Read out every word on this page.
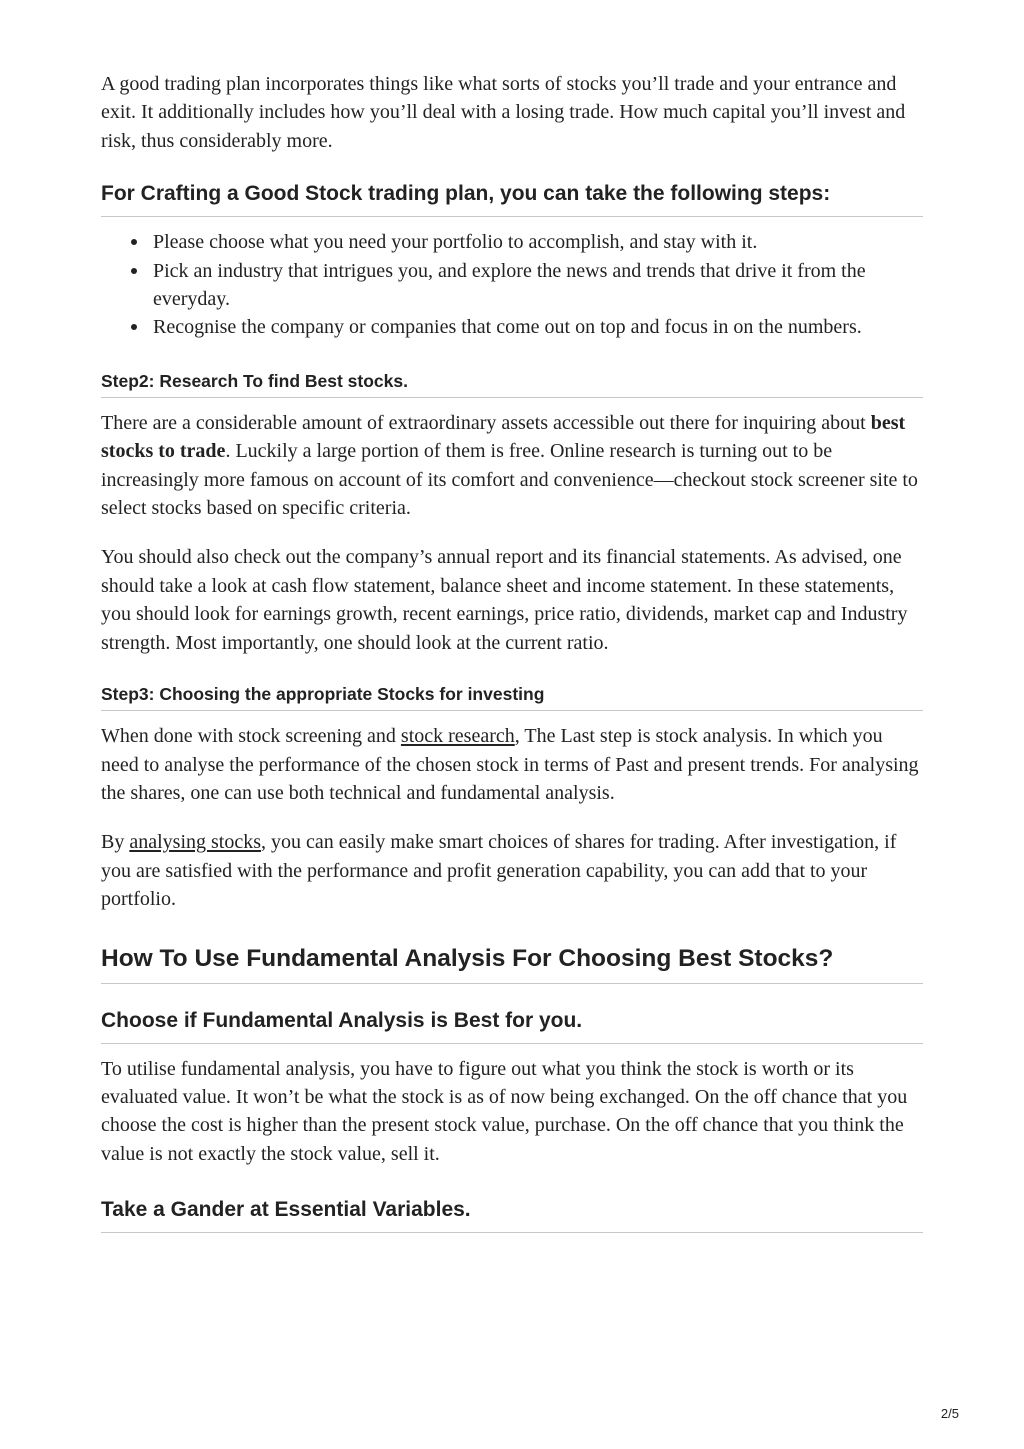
A good trading plan incorporates things like what sorts of stocks you’ll trade and your entrance and exit. It additionally includes how you’ll deal with a losing trade. How much capital you’ll invest and risk, thus considerably more.

For Crafting a Good Stock trading plan, you can take the following steps:
Please choose what you need your portfolio to accomplish, and stay with it.
Pick an industry that intrigues you, and explore the news and trends that drive it from the everyday.
Recognise the company or companies that come out on top and focus in on the numbers.
Step2: Research To find Best stocks.

There are a considerable amount of extraordinary assets accessible out there for inquiring about best stocks to trade. Luckily a large portion of them is free. Online research is turning out to be increasingly more famous on account of its comfort and convenience—checkout stock screener site to select stocks based on specific criteria.

You should also check out the company’s annual report and its financial statements. As advised, one should take a look at cash flow statement, balance sheet and income statement. In these statements, you should look for earnings growth, recent earnings, price ratio, dividends, market cap and Industry strength. Most importantly, one should look at the current ratio.

Step3: Choosing the appropriate Stocks for investing

When done with stock screening and stock research, The Last step is stock analysis. In which you need to analyse the performance of the chosen stock in terms of Past and present trends. For analysing the shares, one can use both technical and fundamental analysis.

By analysing stocks, you can easily make smart choices of shares for trading. After investigation, if you are satisfied with the performance and profit generation capability, you can add that to your portfolio.

How To Use Fundamental Analysis For Choosing Best Stocks?
Choose if Fundamental Analysis is Best for you.

To utilise fundamental analysis, you have to figure out what you think the stock is worth or its evaluated value. It won’t be what the stock is as of now being exchanged. On the off chance that you choose the cost is higher than the present stock value, purchase. On the off chance that you think the value is not exactly the stock value, sell it.

Take a Gander at Essential Variables.
2/5
